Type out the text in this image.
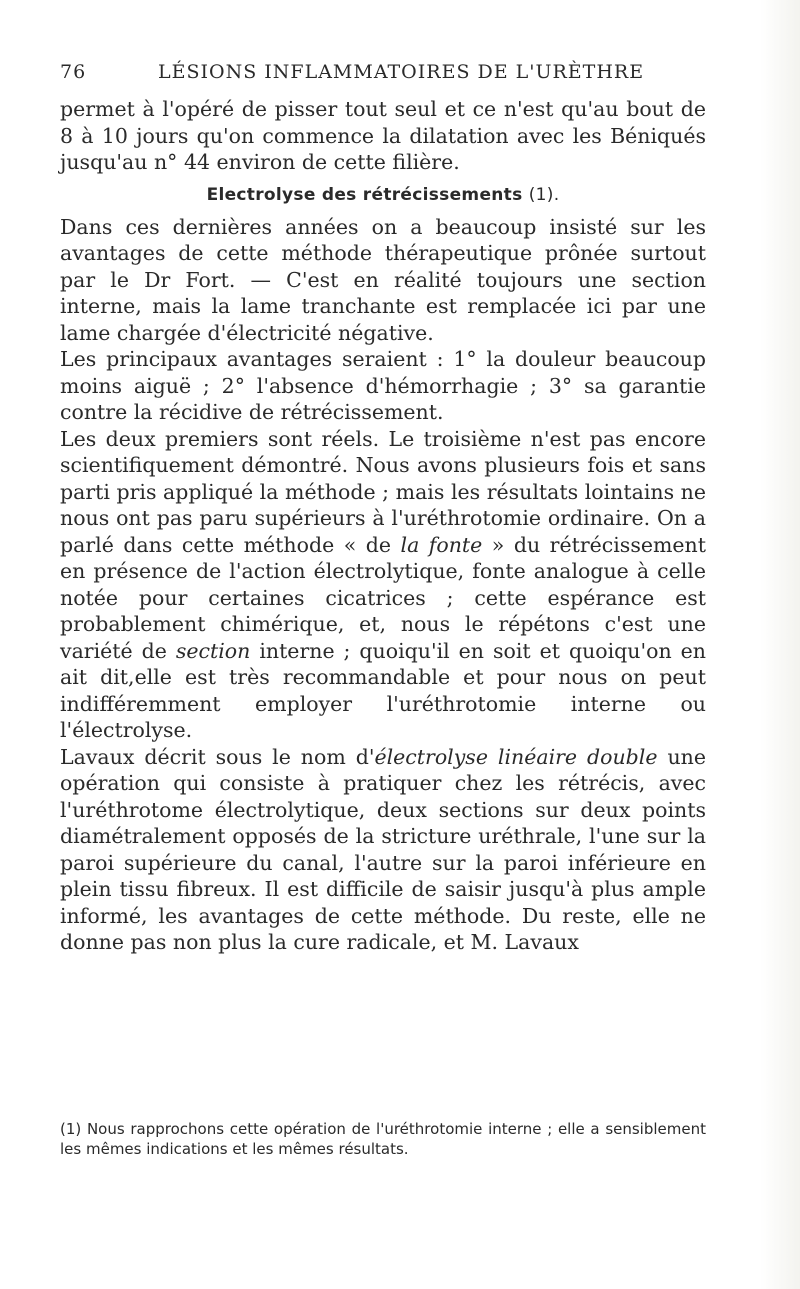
76	LÉSIONS INFLAMMATOIRES DE L'URÈTHRE

permet à l'opéré de pisser tout seul et ce n'est qu'au bout de 8 à 10 jours qu'on commence la dilatation avec les Béniqués jusqu'au n° 44 environ de cette filière.

Electrolyse des rétrécissements (1).

Dans ces dernières années on a beaucoup insisté sur les avantages de cette méthode thérapeutique prônée surtout par le Dr Fort. — C'est en réalité toujours une section interne, mais la lame tranchante est remplacée ici par une lame chargée d'électricité négative.

Les principaux avantages seraient : 1° la douleur beaucoup moins aiguë ; 2° l'absence d'hémorrhagie ; 3° sa garantie contre la récidive de rétrécissement.

Les deux premiers sont réels. Le troisième n'est pas encore scientifiquement démontré. Nous avons plusieurs fois et sans parti pris appliqué la méthode ; mais les résultats lointains ne nous ont pas paru supérieurs à l'uréthrotomie ordinaire. On a parlé dans cette méthode « de la fonte » du rétrécissement en présence de l'action électrolytique, fonte analogue à celle notée pour certaines cicatrices ; cette espérance est probablement chimérique, et, nous le répétons c'est une variété de section interne ; quoiqu'il en soit et quoiqu'on en ait dit,elle est très recommandable et pour nous on peut indifféremment employer l'uréthrotomie interne ou l'électrolyse.

Lavaux décrit sous le nom d'électrolyse linéaire double une opération qui consiste à pratiquer chez les rétrécis, avec l'uréthrotome électrolytique, deux sections sur deux points diamétralement opposés de la stricture uréthrale, l'une sur la paroi supérieure du canal, l'autre sur la paroi inférieure en plein tissu fibreux. Il est difficile de saisir jusqu'à plus ample informé, les avantages de cette méthode. Du reste, elle ne donne pas non plus la cure radicale, et M. Lavaux

(1) Nous rapprochons cette opération de l'uréthrotomie interne ; elle a sensiblement les mêmes indications et les mêmes résultats.
